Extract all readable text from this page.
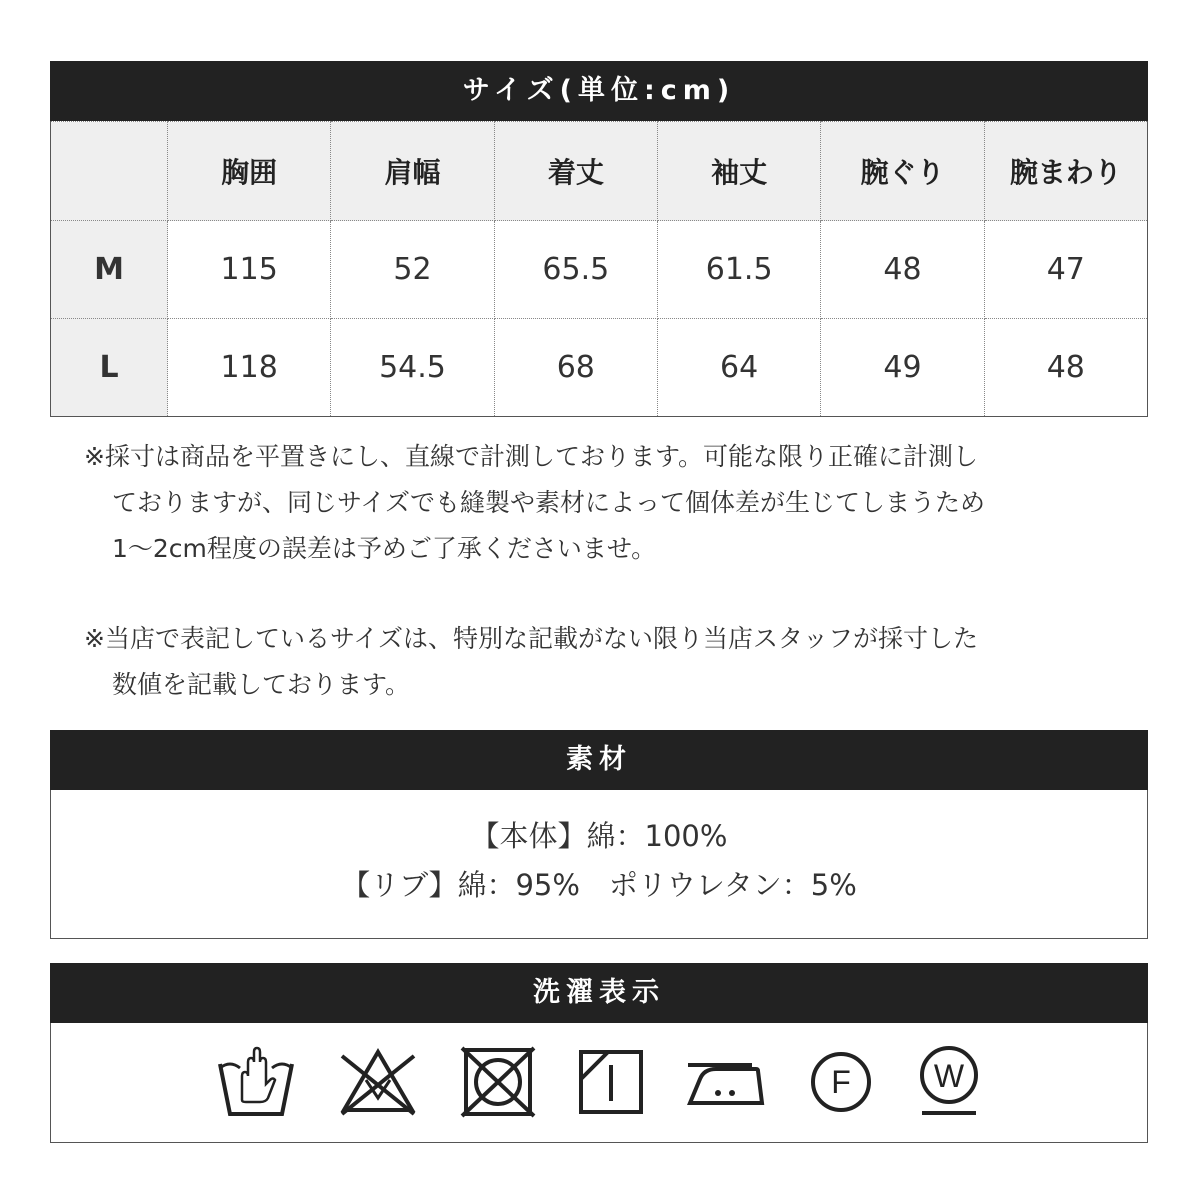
サイズ(単位:cm)
	胸囲	肩幅	着丈	袖丈	腕ぐり	腕まわり
M	115	52	65.5	61.5	48	47
L	118	54.5	68	64	49	48
※採寸は商品を平置きにし、直線で計測しております。可能な限り正確に計測し
ておりますが、同じサイズでも縫製や素材によって個体差が生じてしまうため
1〜2cm程度の誤差は予めご了承くださいませ。
※当店で表記しているサイズは、特別な記載がない限り当店スタッフが採寸した
数値を記載しております。
素材
【本体】綿：100%
【リブ】綿：95%　ポリウレタン：5%
洗濯表示
F	W
